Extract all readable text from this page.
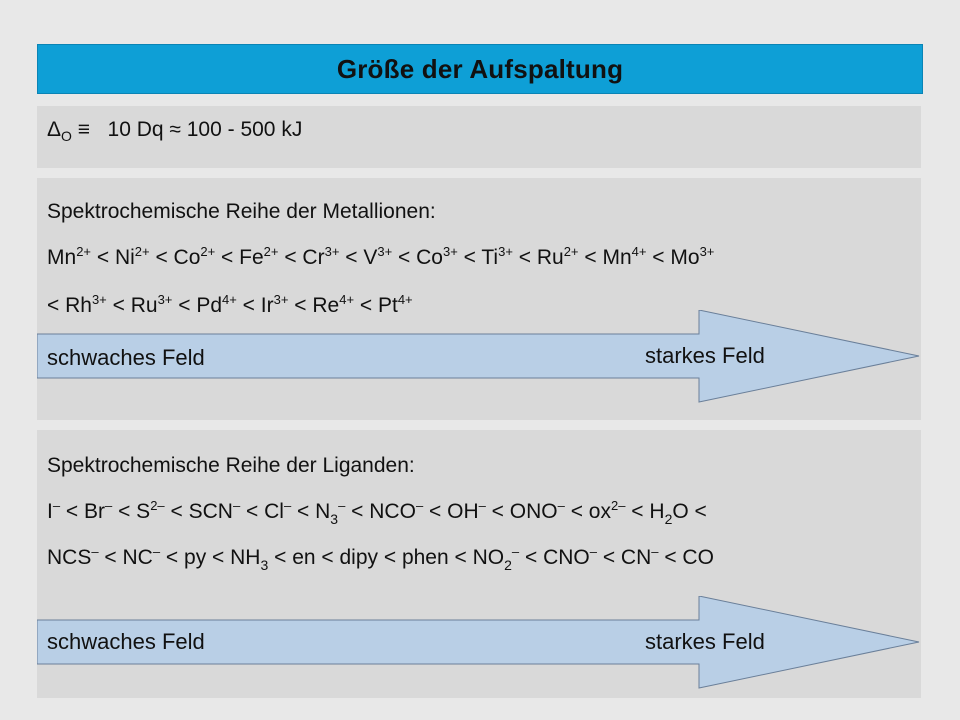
Größe der Aufspaltung
$\Delta_O \equiv 10$ Dq ≈ 100 - 500 kJ
Spektrochemische Reihe der Metallionen:
$Mn^{2+} < Ni^{2+} < Co^{2+} < Fe^{2+} < Cr^{3+} < V^{3+} < Co^{3+} < Ti^{3+} < Ru^{2+} < Mn^{4+} < Mo^{3+}$
< $Rh^{3+} < Ru^{3+} < Pd^{4+} < Ir^{3+} < Re^{4+} < Pt^{4+}$
schwaches Feld	starkes Feld
Spektrochemische Reihe der Liganden:
$I^- < Br^- < S^{2-} < SCN^- < Cl^- < N_3^- < NCO^- < OH^- < ONO^- < ox^{2-} < H_2O$ <
NCS– < NC– < py < $NH_3$ < en < dipy < phen < $NO_2^- < CNO^- < CN^-$ < CO
schwaches Feld	starkes Feld
